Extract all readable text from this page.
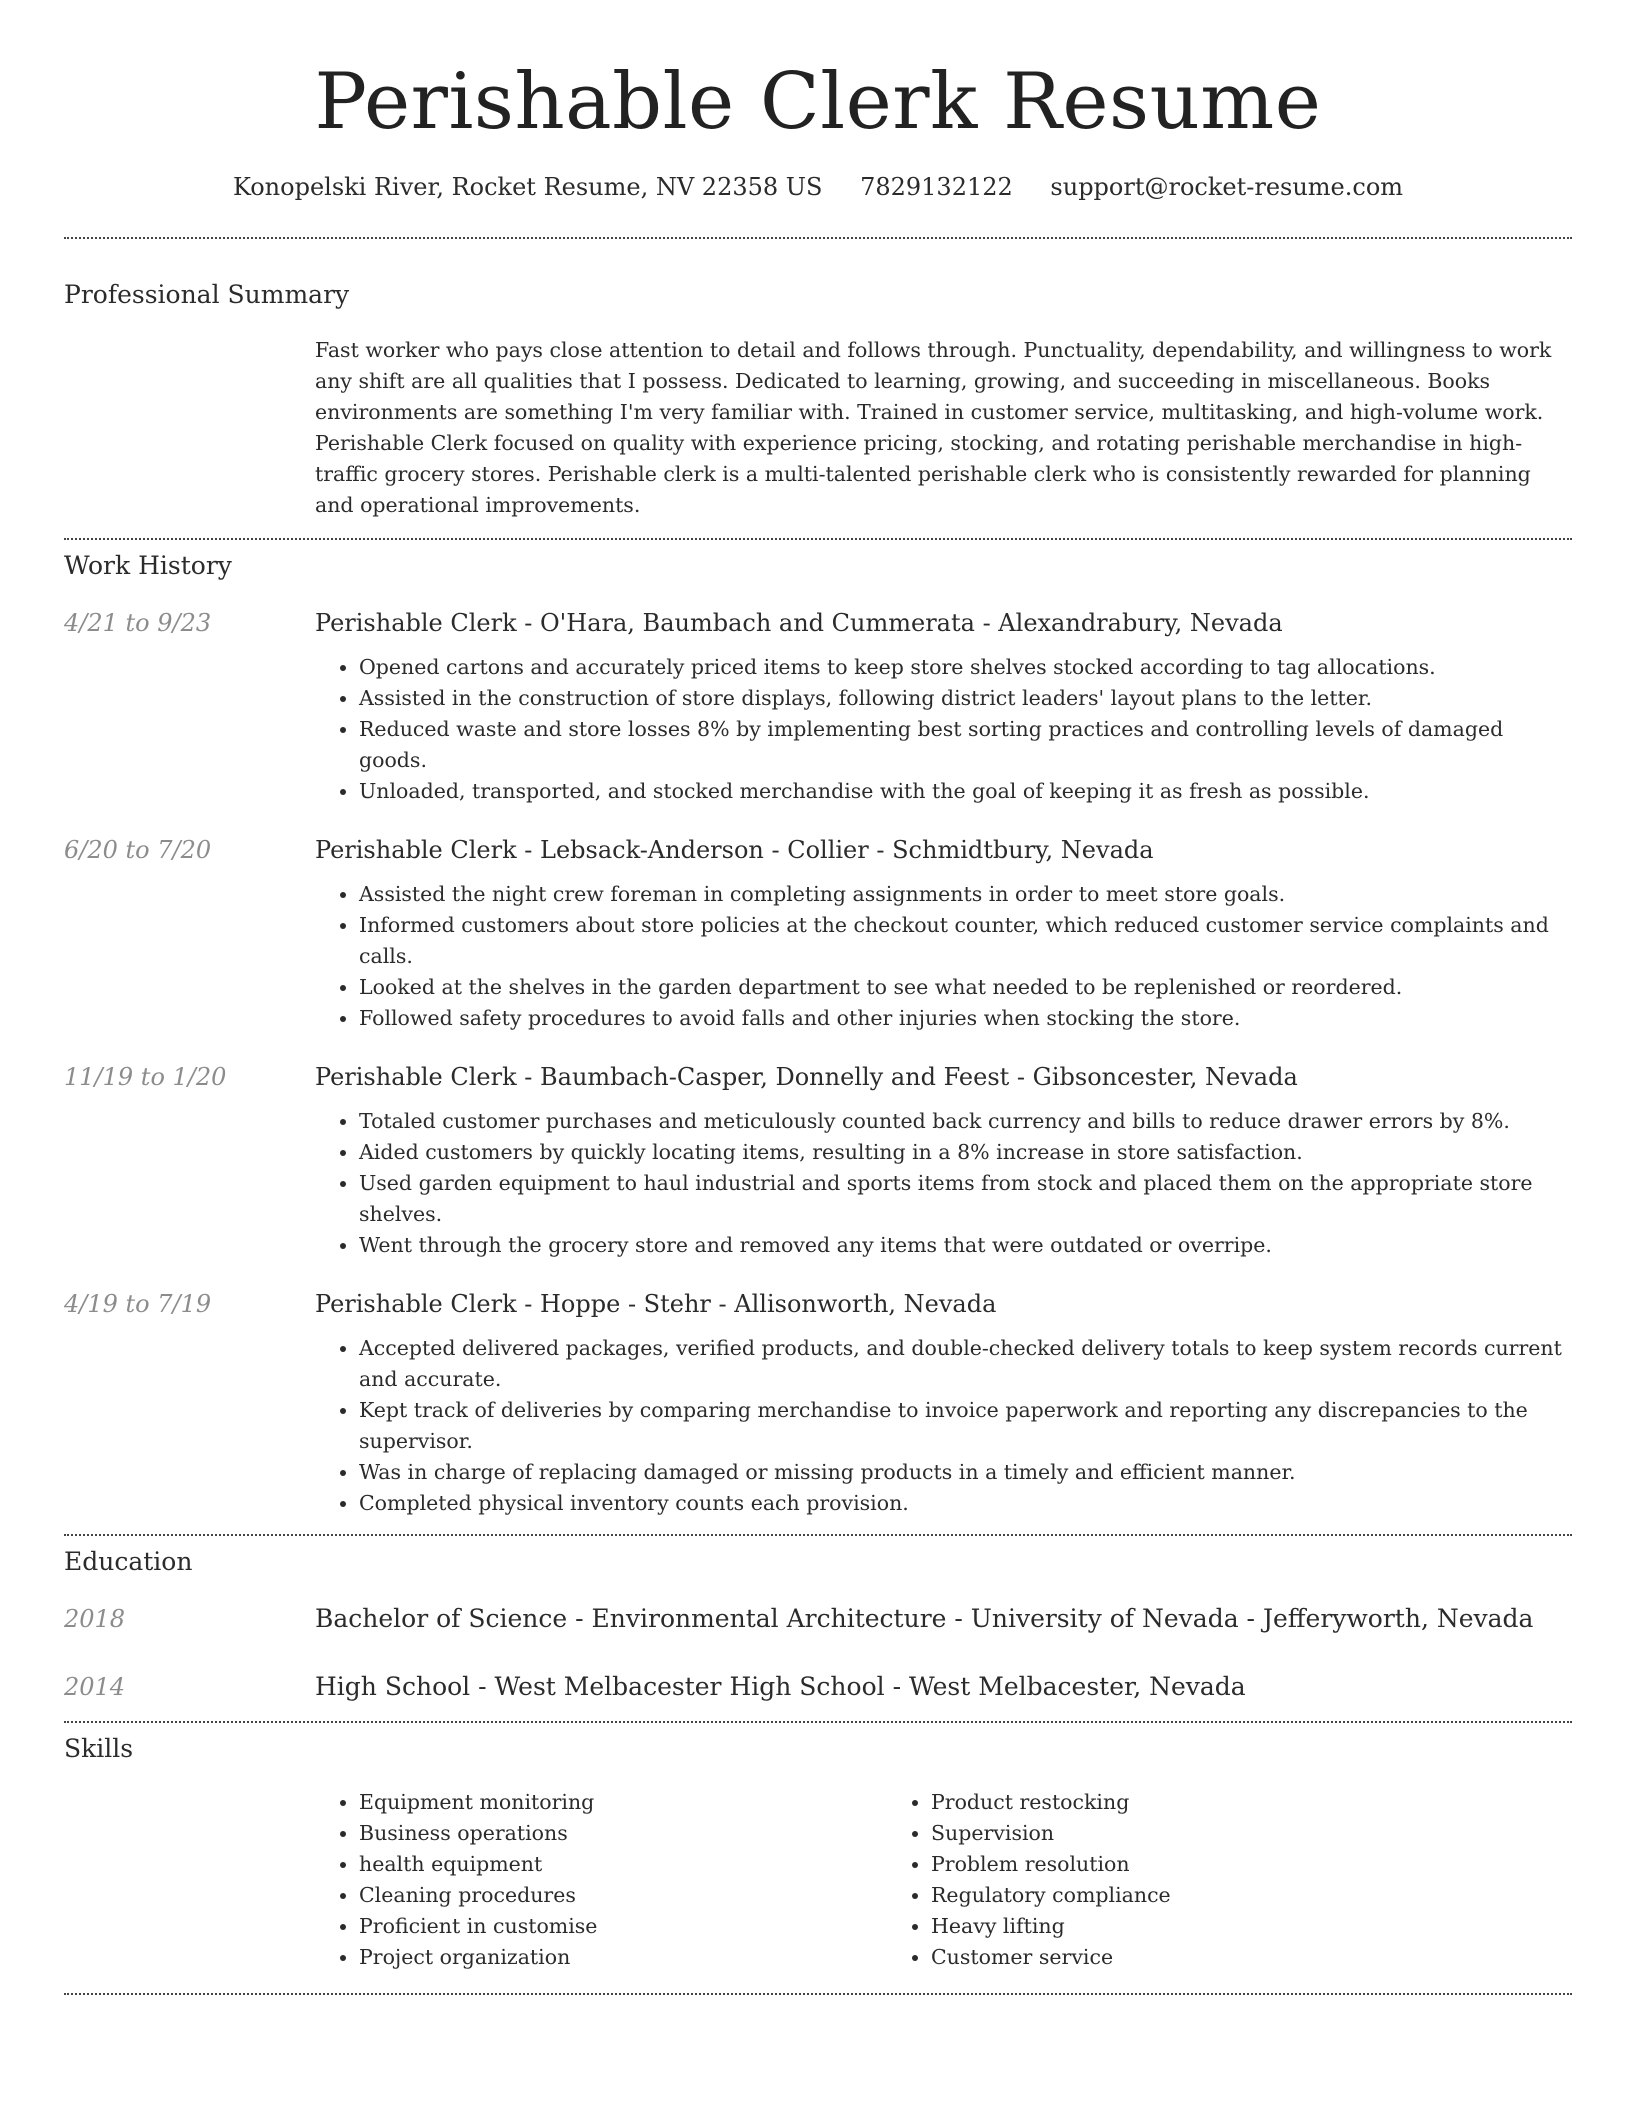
Perishable Clerk Resume
Konopelski River, Rocket Resume, NV 22358 US 7829132122 support@rocket-resume.com
Professional Summary

Fast worker who pays close attention to detail and follows through. Punctuality, dependability, and willingness to work any shift are all qualities that I possess. Dedicated to learning, growing, and succeeding in miscellaneous. Books environments are something I'm very familiar with. Trained in customer service, multitasking, and high-volume work. Perishable Clerk focused on quality with experience pricing, stocking, and rotating perishable merchandise in high-traffic grocery stores. Perishable clerk is a multi-talented perishable clerk who is consistently rewarded for planning and operational improvements.

Work History
4/21 to 9/23	Perishable Clerk - O'Hara, Baumbach and Cummerata - Alexandrabury, Nevada
• Opened cartons and accurately priced items to keep store shelves stocked according to tag allocations.
• Assisted in the construction of store displays, following district leaders' layout plans to the letter.
• Reduced waste and store losses 8% by implementing best sorting practices and controlling levels of damaged goods.
• Unloaded, transported, and stocked merchandise with the goal of keeping it as fresh as possible.
6/20 to 7/20	Perishable Clerk - Lebsack-Anderson - Collier - Schmidtbury, Nevada
• Assisted the night crew foreman in completing assignments in order to meet store goals.
• Informed customers about store policies at the checkout counter, which reduced customer service complaints and calls.
• Looked at the shelves in the garden department to see what needed to be replenished or reordered.
• Followed safety procedures to avoid falls and other injuries when stocking the store.
11/19 to 1/20	Perishable Clerk - Baumbach-Casper, Donnelly and Feest - Gibsoncester, Nevada
• Totaled customer purchases and meticulously counted back currency and bills to reduce drawer errors by 8%.
• Aided customers by quickly locating items, resulting in a 8% increase in store satisfaction.
• Used garden equipment to haul industrial and sports items from stock and placed them on the appropriate store shelves.
• Went through the grocery store and removed any items that were outdated or overripe.
4/19 to 7/19	Perishable Clerk - Hoppe - Stehr - Allisonworth, Nevada
• Accepted delivered packages, verified products, and double-checked delivery totals to keep system records current and accurate.
• Kept track of deliveries by comparing merchandise to invoice paperwork and reporting any discrepancies to the supervisor.
• Was in charge of replacing damaged or missing products in a timely and efficient manner.
• Completed physical inventory counts each provision.
Education
2018	Bachelor of Science - Environmental Architecture - University of Nevada - Jefferyworth, Nevada
2014	High School - West Melbacester High School - West Melbacester, Nevada
Skills
• Equipment monitoring
• Business operations
• health equipment
• Cleaning procedures
• Proficient in customise
• Project organization
• Product restocking
• Supervision
• Problem resolution
• Regulatory compliance
• Heavy lifting
• Customer service
